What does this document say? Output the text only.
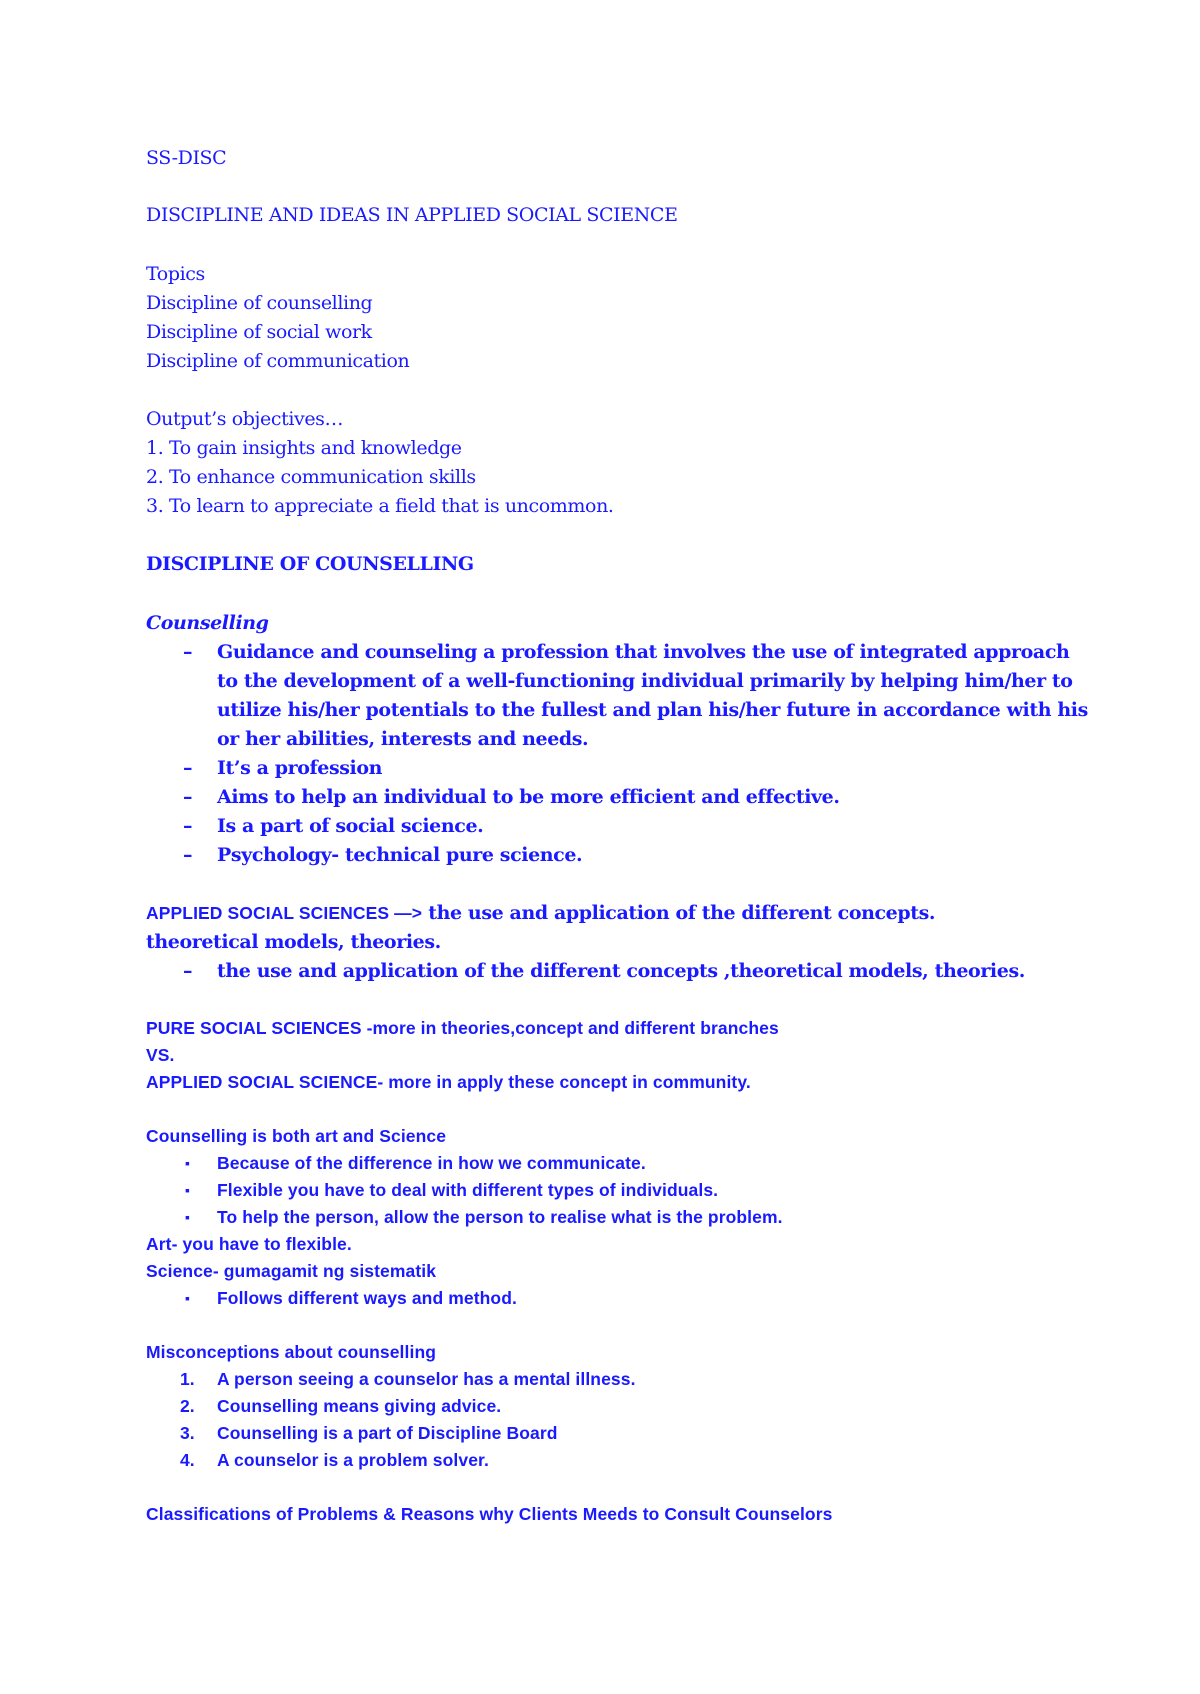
SS-DISC
DISCIPLINE AND IDEAS IN APPLIED SOCIAL SCIENCE
Topics
Discipline of counselling
Discipline of social work
Discipline of communication
Output’s objectives…
1. To gain insights and knowledge
2. To enhance communication skills
3. To learn to appreciate a field that is uncommon.
DISCIPLINE OF COUNSELLING
Counselling
– Guidance and counseling a profession that involves the use of integrated approach
to the development of a well-functioning individual primarily by helping him/her to
utilize his/her potentials to the fullest and plan his/her future in accordance with his
or her abilities, interests and needs.
– It’s a profession
– Aims to help an individual to be more efficient and effective.
– Is a part of social science.
– Psychology- technical pure science.
APPLIED SOCIAL SCIENCES —> the use and application of the different concepts.
theoretical models, theories.
– the use and application of the different concepts ,theoretical models, theories.
PURE SOCIAL SCIENCES -more in theories,concept and different branches
VS.
APPLIED SOCIAL SCIENCE- more in apply these concept in community.
Counselling is both art and Science
▪ Because of the difference in how we communicate.
▪ Flexible you have to deal with different types of individuals.
▪ To help the person, allow the person to realise what is the problem.
Art- you have to flexible.
Science- gumagamit ng sistematik
▪ Follows different ways and method.
Misconceptions about counselling
1. A person seeing a counselor has a mental illness.
2. Counselling means giving advice.
3. Counselling is a part of Discipline Board
4. A counselor is a problem solver.
Classifications of Problems & Reasons why Clients Meeds to Consult Counselors
